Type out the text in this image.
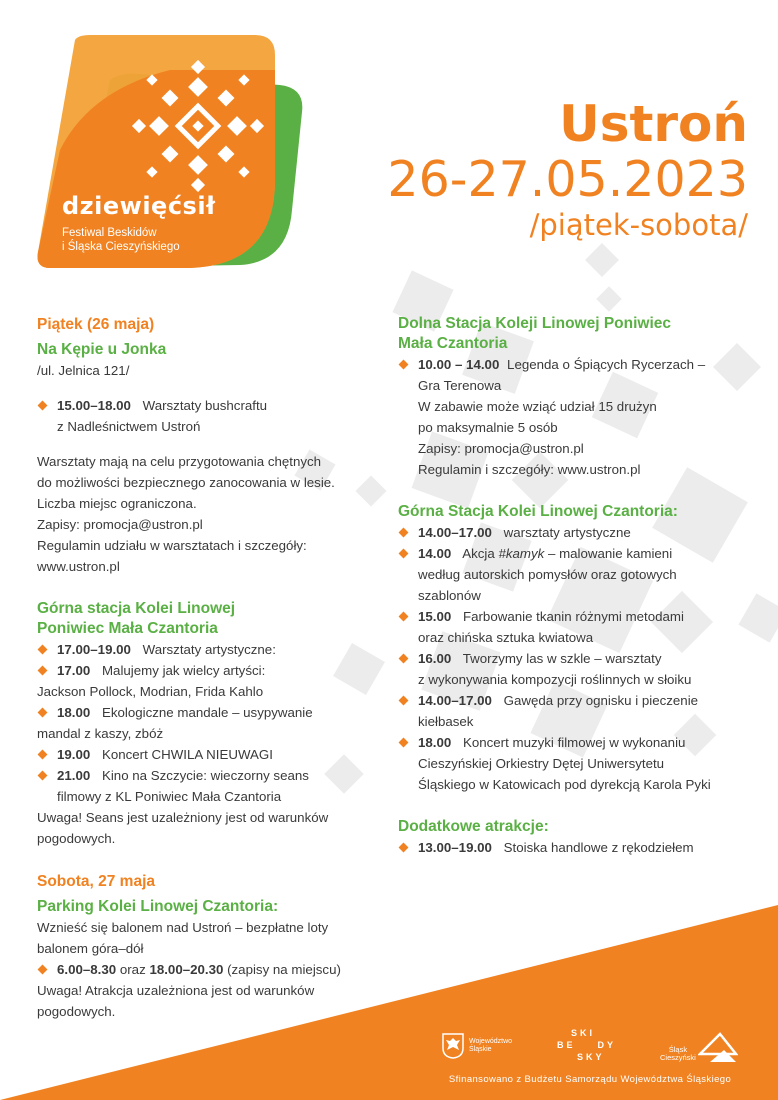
dziewięćsił
Festiwal Beskidów
i Śląska Cieszyńskiego
Ustroń
26-27.05.2023
/piątek-sobota/
Piątek (26 maja)
Na Kępie u Jonka

/ul. Jelnica 121/

15.00–18.00 Warsztaty bushcraftu
z Nadleśnictwem Ustroń

Warsztaty mają na celu przygotowania chętnych

do możliwości bezpiecznego zanocowania w lesie.

Liczba miejsc ograniczona.

Zapisy: promocja@ustron.pl

Regulamin udziału w warsztatach i szczegóły:

www.ustron.pl

Górna stacja Kolei Linowej
Poniwiec Mała Czantoria
17.00–19.00 Warsztaty artystyczne:
17.00 Malujemy jak wielcy artyści:
Jackson Pollock, Modrian, Frida Kahlo
18.00 Ekologiczne mandale – usypywanie
mandal z kaszy, zbóż
19.00 Koncert CHWILA NIEUWAGI
21.00 Kino na Szczycie: wieczorny seans
filmowy z KL Poniwiec Mała Czantoria

Uwaga! Seans jest uzależniony jest od warunków

pogodowych.

Sobota, 27 maja
Parking Kolei Linowej Czantoria:

Wznieść się balonem nad Ustroń – bezpłatne loty

balonem góra–dół

6.00–8.30 oraz 18.00–20.30 (zapisy na miejscu)

Uwaga! Atrakcja uzależniona jest od warunków

pogodowych.

Dolna Stacja Koleji Linowej Poniwiec
Mała Czantoria
10.00 – 14.00 Legenda o Śpiących Rycerzach –
Gra Terenowa
W zabawie może wziąć udział 15 drużyn
po maksymalnie 5 osób
Zapisy: promocja@ustron.pl
Regulamin i szczegóły: www.ustron.pl
Górna Stacja Kolei Linowej Czantoria:
14.00–17.00 warsztaty artystyczne
14.00 Akcja #kamyk – malowanie kamieni
według autorskich pomysłów oraz gotowych
szablonów
15.00 Farbowanie tkanin różnymi metodami
oraz chińska sztuka kwiatowa
16.00 Tworzymy las w szkle – warsztaty
z wykonywania kompozycji roślinnych w słoiku
14.00–17.00 Gawęda przy ognisku i pieczenie
kiełbasek
18.00 Koncert muzyki filmowej w wykonaniu
Cieszyńskiej Orkiestry Dętej Uniwersytetu
Śląskiego w Katowicach pod dyrekcją Karola Pyki
Dodatkowe atrakcje:
13.00–19.00 Stoiska handlowe z rękodziełem
Województwo
Śląskie
SKI
BE    DY
SKY
Śląsk
Cieszyński
Sfinansowano z Budżetu Samorządu Województwa Śląskiego
